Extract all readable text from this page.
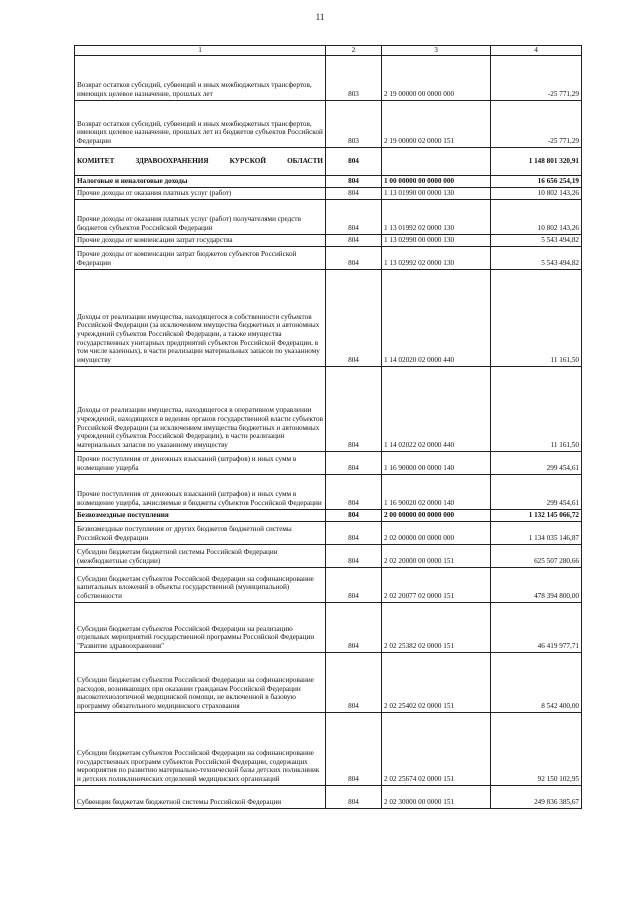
11
1	2	3	4
Возврат остатков субсидий, субвенций и иных межбюджетных трансфертов, имеющих целевое назначение, прошлых лет	803	2 19 00000 00 0000 000	-25 771,29
Возврат остатков субсидий, субвенций и иных межбюджетных трансфертов, имеющих целевое назначение, прошлых лет из бюджетов субъектов Российской Федерации	803	2 19 00000 02 0000 151	-25 771,29
КОМИТЕТ ЗДРАВООХРАНЕНИЯ КУРСКОЙ ОБЛАСТИ	804		1 148 801 320,91
Налоговые и неналоговые доходы	804	1 00 00000 00 0000 000	16 656 254,19
Прочие доходы от оказания платных услуг (работ)	804	1 13 01990 00 0000 130	10 802 143,26
Прочие доходы от оказания платных услуг (работ) получателями средств бюджетов субъектов Российской Федерации	804	1 13 01992 02 0000 130	10 802 143,26
Прочие доходы от компенсации затрат государства	804	1 13 02990 00 0000 130	5 543 494,82
Прочие доходы от компенсации затрат бюджетов субъектов Российской Федерации	804	1 13 02992 02 0000 130	5 543 494,82
Доходы от реализации имущества, находящегося в собственности субъектов Российской Федерации (за исключением имущества бюджетных и автономных учреждений субъектов Российской Федерации, а также имущества государственных унитарных предприятий субъектов Российской Федерации, в том числе казенных), в части реализации материальных запасов по указанному имуществу	804	1 14 02020 02 0000 440	11 161,50
Доходы от реализации имущества, находящегося в оперативном управлении учреждений, находящихся в ведении органов государственной власти субъектов Российской Федерации (за исключением имущества бюджетных и автономных учреждений субъектов Российской Федерации), в части реализации материальных запасов по указанному имуществу	804	1 14 02022 02 0000 440	11 161,50
Прочие поступления от денежных взысканий (штрафов) и иных сумм в возмещение ущерба	804	1 16 90000 00 0000 140	299 454,61
Прочие поступления от денежных взысканий (штрафов) и иных сумм в возмещение ущерба, зачисляемые в бюджеты субъектов Российской Федерации	804	1 16 90020 02 0000 140	299 454,61
Безвозмездные поступления	804	2 00 00000 00 0000 000	1 132 145 066,72
Безвозмездные поступления от других бюджетов бюджетной системы Российской Федерации	804	2 02 00000 00 0000 000	1 134 035 146,87
Субсидии бюджетам бюджетной системы Российской Федерации (межбюджетные субсидии)	804	2 02 20000 00 0000 151	625 507 280,66
Субсидии бюджетам субъектов Российской Федерации на софинансирование капитальных вложений в объекты государственной (муниципальной) собственности	804	2 02 20077 02 0000 151	478 394 800,00
Субсидии бюджетам субъектов Российской Федерации на реализацию отдельных мероприятий государственной программы Российской Федерации "Развитие здравоохранения"	804	2 02 25382 02 0000 151	46 419 977,71
Субсидии бюджетам субъектов Российской Федерации на софинансирование расходов, возникающих при оказании гражданам Российской Федерации высокотехнологичной медицинской помощи, не включенной в базовую программу обязательного медицинского страхования	804	2 02 25402 02 0000 151	8 542 400,00
Субсидии бюджетам субъектов Российской Федерации на софинансирование государственных программ субъектов Российской Федерации, содержащих мероприятия по развитию материально-технической базы детских поликлиник и детских поликлинических отделений медицинских организаций	804	2 02 25674 02 0000 151	92 150 102,95
Субвенции бюджетам бюджетной системы Российской Федерации	804	2 02 30000 00 0000 151	249 836 385,67
